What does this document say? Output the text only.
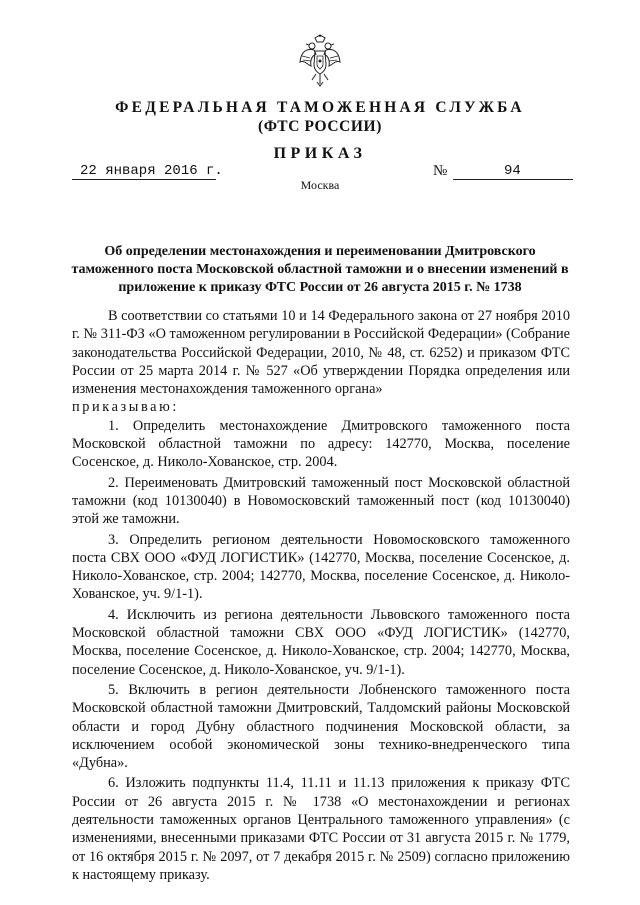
ФЕДЕРАЛЬНАЯ ТАМОЖЕННАЯ СЛУЖБА
(ФТС РОССИИ)
ПРИКАЗ
22 января 2016 г.	№	94
Москва
Об определении местонахождения и переименовании Дмитровского таможенного поста Московской областной таможни и о внесении изменений в приложение к приказу ФТС России от 26 августа 2015 г. № 1738

В соответствии со статьями 10 и 14 Федерального закона от 27 ноября 2010 г. № 311-ФЗ «О таможенном регулировании в Российской Федерации» (Собрание законодательства Российской Федерации, 2010, № 48, ст. 6252) и приказом ФТС России от 25 марта 2014 г. № 527 «Об утверждении Порядка определения или изменения местонахождения таможенного органа»

приказываю:

1. Определить местонахождение Дмитровского таможенного поста Московской областной таможни по адресу: 142770, Москва, поселение Сосенское, д. Николо-Хованское, стр. 2004.

2. Переименовать Дмитровский таможенный пост Московской областной таможни (код 10130040) в Новомосковский таможенный пост (код 10130040) этой же таможни.

3. Определить регионом деятельности Новомосковского таможенного поста СВХ ООО «ФУД ЛОГИСТИК» (142770, Москва, поселение Сосенское, д. Николо-Хованское, стр. 2004; 142770, Москва, поселение Сосенское, д. Николо-Хованское, уч. 9/1-1).

4. Исключить из региона деятельности Львовского таможенного поста Московской областной таможни СВХ ООО «ФУД ЛОГИСТИК» (142770, Москва, поселение Сосенское, д. Николо-Хованское, стр. 2004; 142770, Москва, поселение Сосенское, д. Николо-Хованское, уч. 9/1-1).

5. Включить в регион деятельности Лобненского таможенного поста Московской областной таможни Дмитровский, Талдомский районы Московской области и город Дубну областного подчинения Московской области, за исключением особой экономической зоны технико-внедренческого типа «Дубна».

6. Изложить подпункты 11.4, 11.11 и 11.13 приложения к приказу ФТС России от 26 августа 2015 г. № 1738 «О местонахождении и регионах деятельности таможенных органов Центрального таможенного управления» (с изменениями, внесенными приказами ФТС России от 31 августа 2015 г. № 1779, от 16 октября 2015 г. № 2097, от 7 декабря 2015 г. № 2509) согласно приложению к настоящему приказу.
